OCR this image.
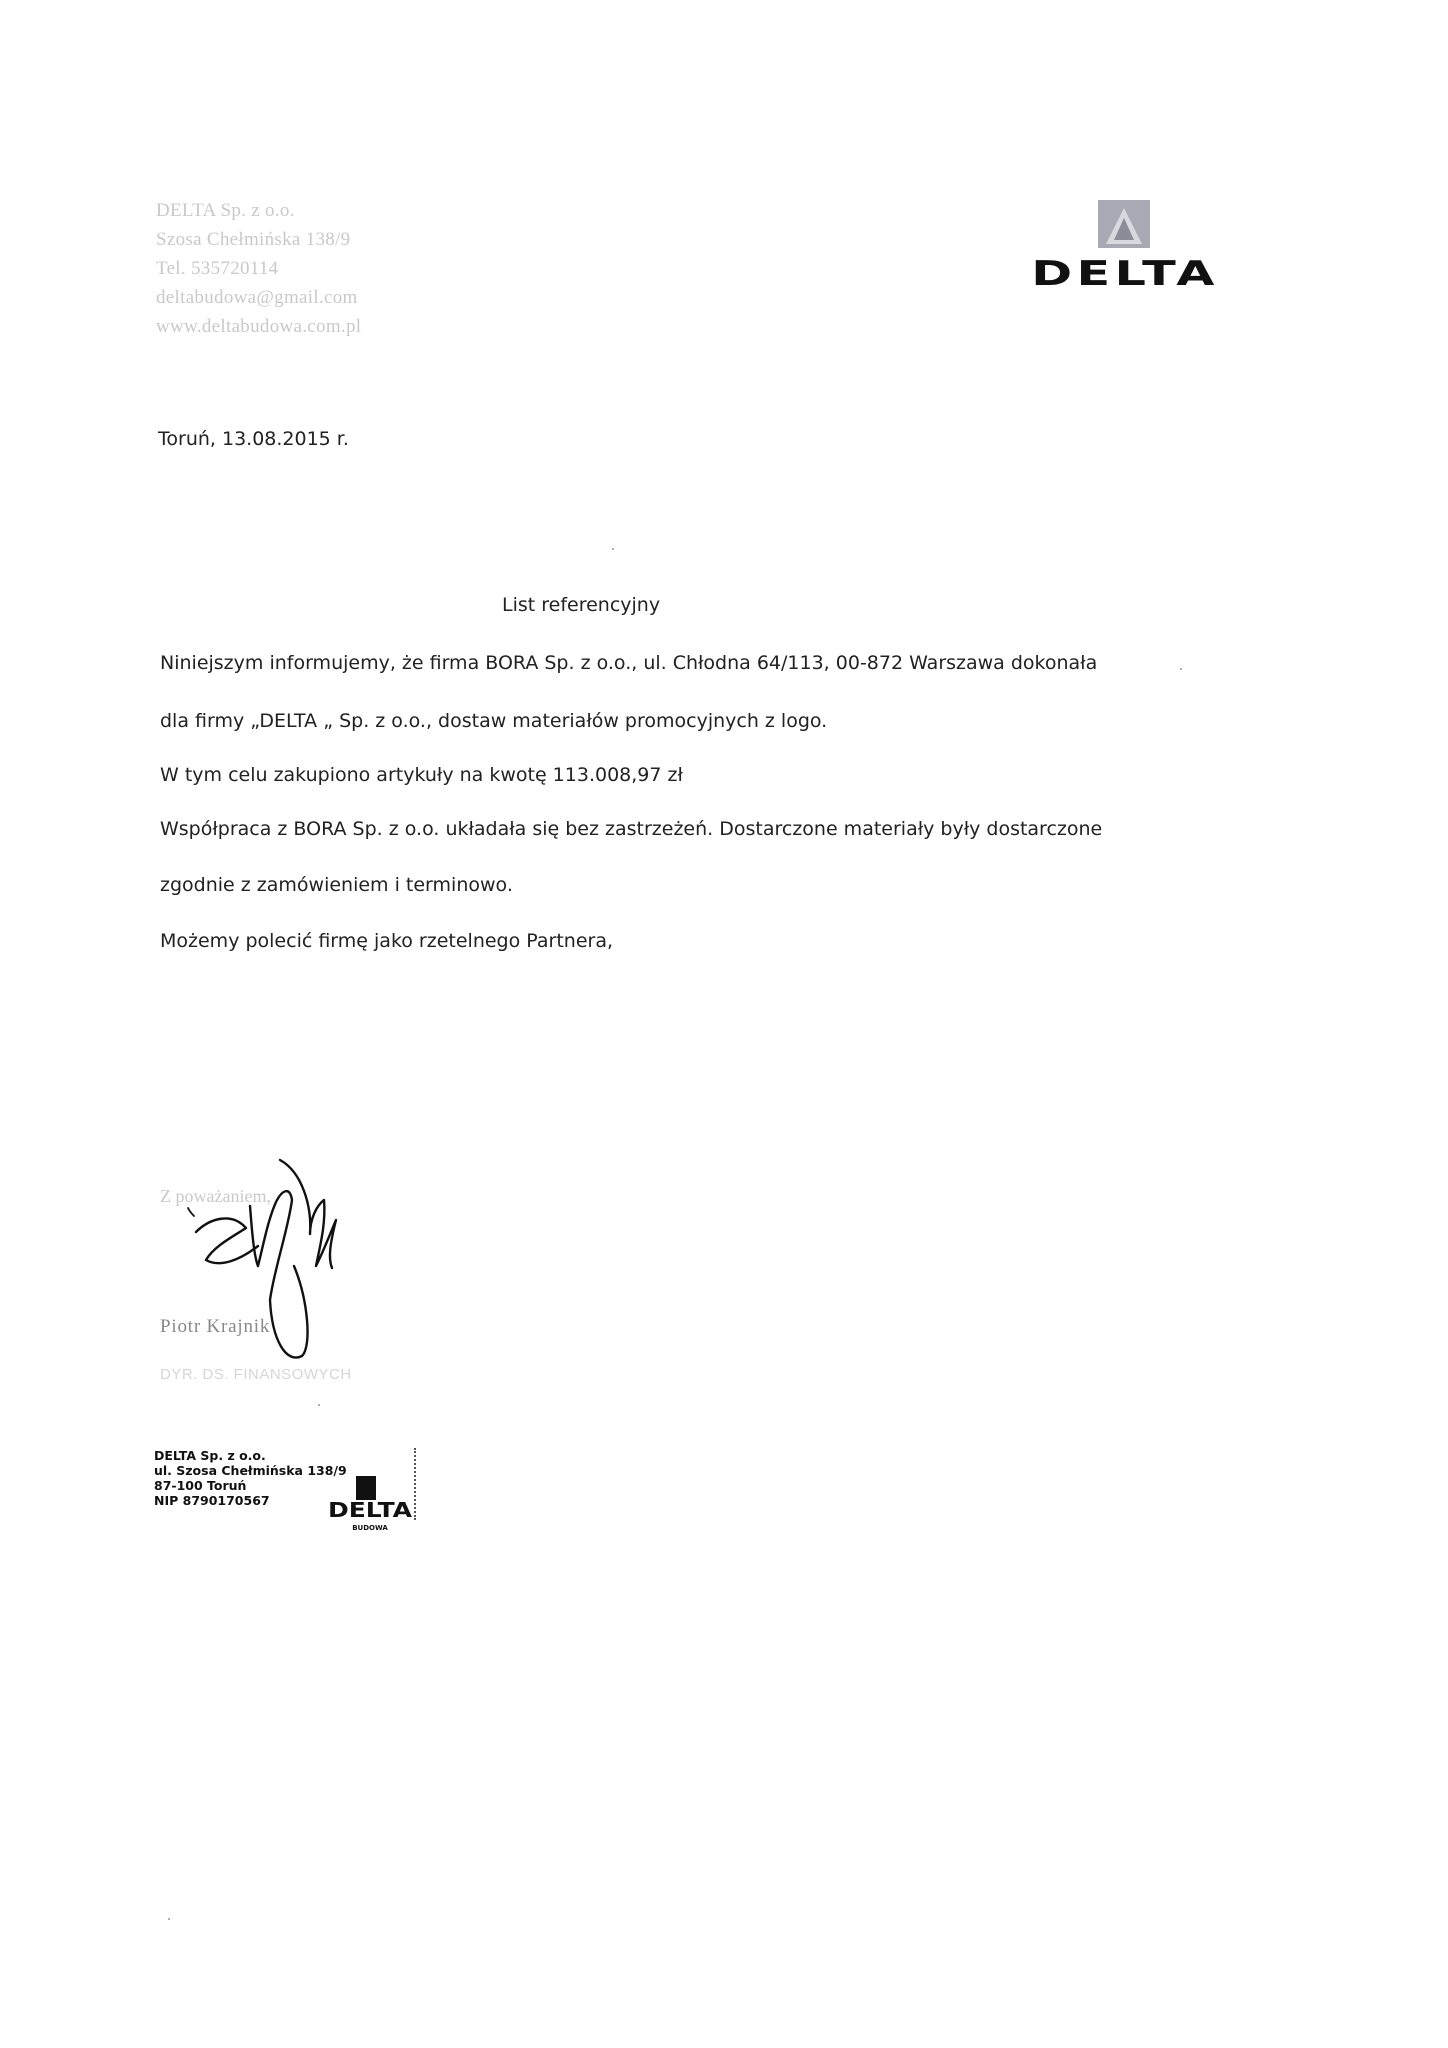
DELTA Sp. z o.o.
Szosa Chełmińska 138/9
Tel. 535720114
deltabudowa@gmail.com
www.deltabudowa.com.pl
DELTA
Toruń, 13.08.2015 r.
List referencyjny
Niniejszym informujemy, że firma BORA Sp. z o.o., ul. Chłodna 64/113, 00-872 Warszawa dokonała
dla firmy „DELTA „ Sp. z o.o., dostaw materiałów promocyjnych z logo.
W tym celu zakupiono artykuły na kwotę 113.008,97 zł
Współpraca z BORA Sp. z o.o. układała się bez zastrzeżeń. Dostarczone materiały były dostarczone
zgodnie z zamówieniem i terminowo.
Możemy polecić firmę jako rzetelnego Partnera,
Z poważaniem,
Piotr Krajnik
DYR. DS. FINANSOWYCH
DELTA Sp. z o.o.
ul. Szosa Chełmińska 138/9
87-100 Toruń
NIP 8790170567	DELTA
BUDOWA
